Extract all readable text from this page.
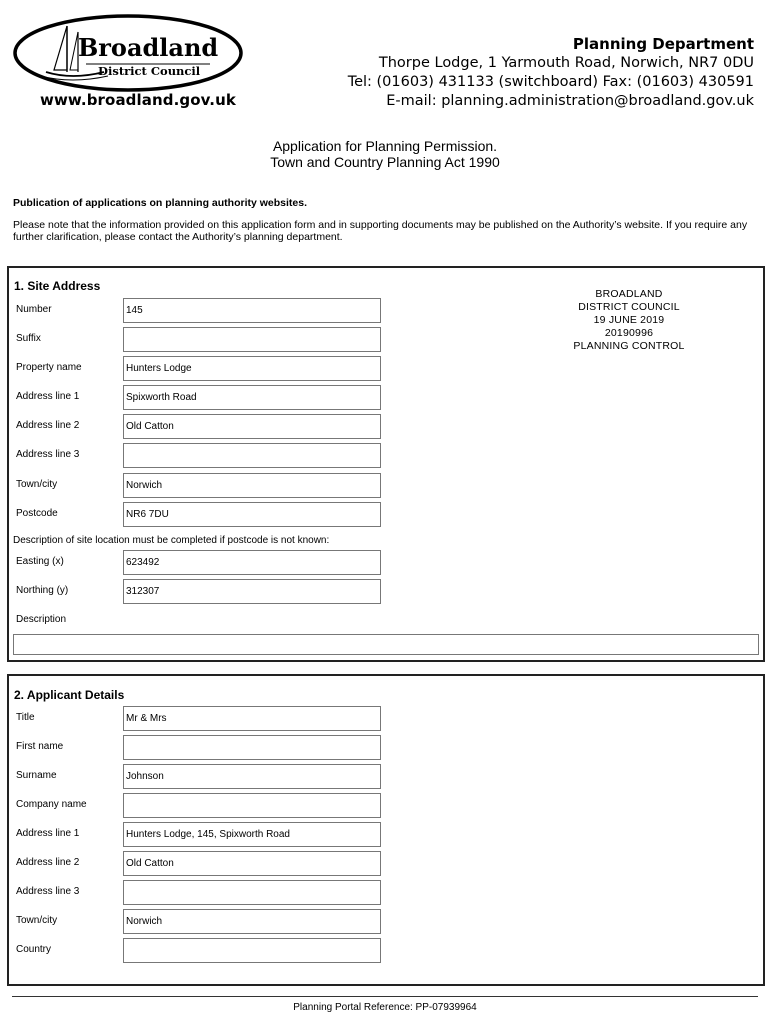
Broadland
District Council
www.broadland.gov.uk
Planning Department
Thorpe Lodge, 1 Yarmouth Road, Norwich, NR7 0DU
Tel: (01603) 431133 (switchboard) Fax: (01603) 430591
E-mail: planning.administration@broadland.gov.uk
Application for Planning Permission.
Town and Country Planning Act 1990
Publication of applications on planning authority websites.
Please note that the information provided on this application form and in supporting documents may be published on the Authority’s website. If you require any further clarification, please contact the Authority’s planning department.
1. Site Address
Number
145
Suffix
Property name
Hunters Lodge
Address line 1
Spixworth Road
Address line 2
Old Catton
Address line 3
Town/city
Norwich
Postcode
NR6 7DU
Description of site location must be completed if postcode is not known:
Easting (x)
623492
Northing (y)
312307
Description
BROADLAND
DISTRICT COUNCIL
19 JUNE 2019
20190996
PLANNING CONTROL
2. Applicant Details
Title
Mr & Mrs
First name
Surname
Johnson
Company name
Address line 1
Hunters Lodge, 145, Spixworth Road
Address line 2
Old Catton
Address line 3
Town/city
Norwich
Country
Planning Portal Reference: PP-07939964
